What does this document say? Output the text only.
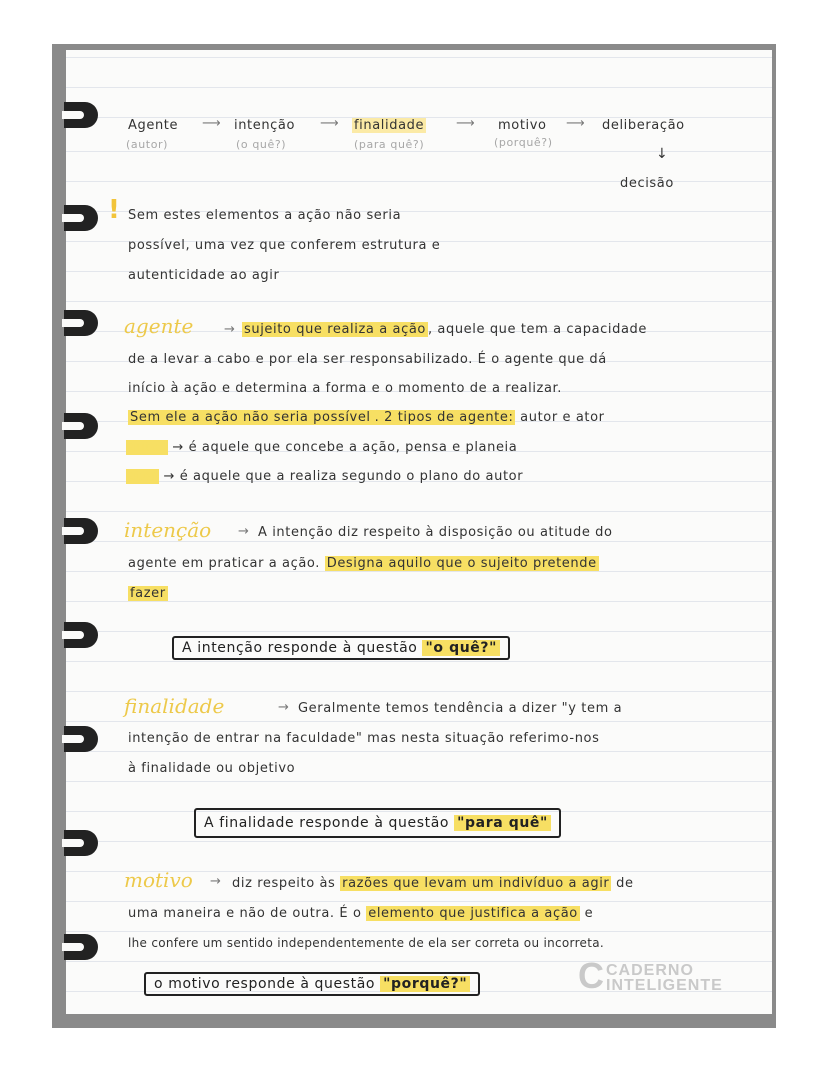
Agente
(autor)
⟶ intenção
(o quê?)
⟶ finalidade
(para quê?)
⟶ motivo
(porquê?)
⟶ deliberação
↓
decisão
! Sem estes elementos a ação não seria
possível, uma vez que conferem estrutura e
autenticidade ao agir
agente → sujeito que realiza a ação , aquele que tem a capacidade
de a levar a cabo e por ela ser responsabilizado. É o agente que dá
início à ação e determina a forma e o momento de a realizar.
Sem ele a ação não seria possível . 2 tipos de agente: autor e ator
autor → é aquele que concebe a ação, pensa e planeia
ator → é aquele que a realiza segundo o plano do autor
intenção → A intenção diz respeito à disposição ou atitude do
agente em praticar a ação. Designa aquilo que o sujeito pretende
fazer
A intenção responde à questão "o quê?"
finalidade	→ Geralmente temos tendência a dizer "y tem a
intenção de entrar na faculdade" mas nesta situação referimo-nos
à finalidade ou objetivo
A finalidade responde à questão "para quê"
motivo → diz respeito às razões que levam um indivíduo a agir de
uma maneira e não de outra. É o elemento que justifica a ação e
lhe confere um sentido independentemente de ela ser correta ou incorreta.
o motivo responde à questão "porquê?"	C CADERNO
INTELIGENTE
